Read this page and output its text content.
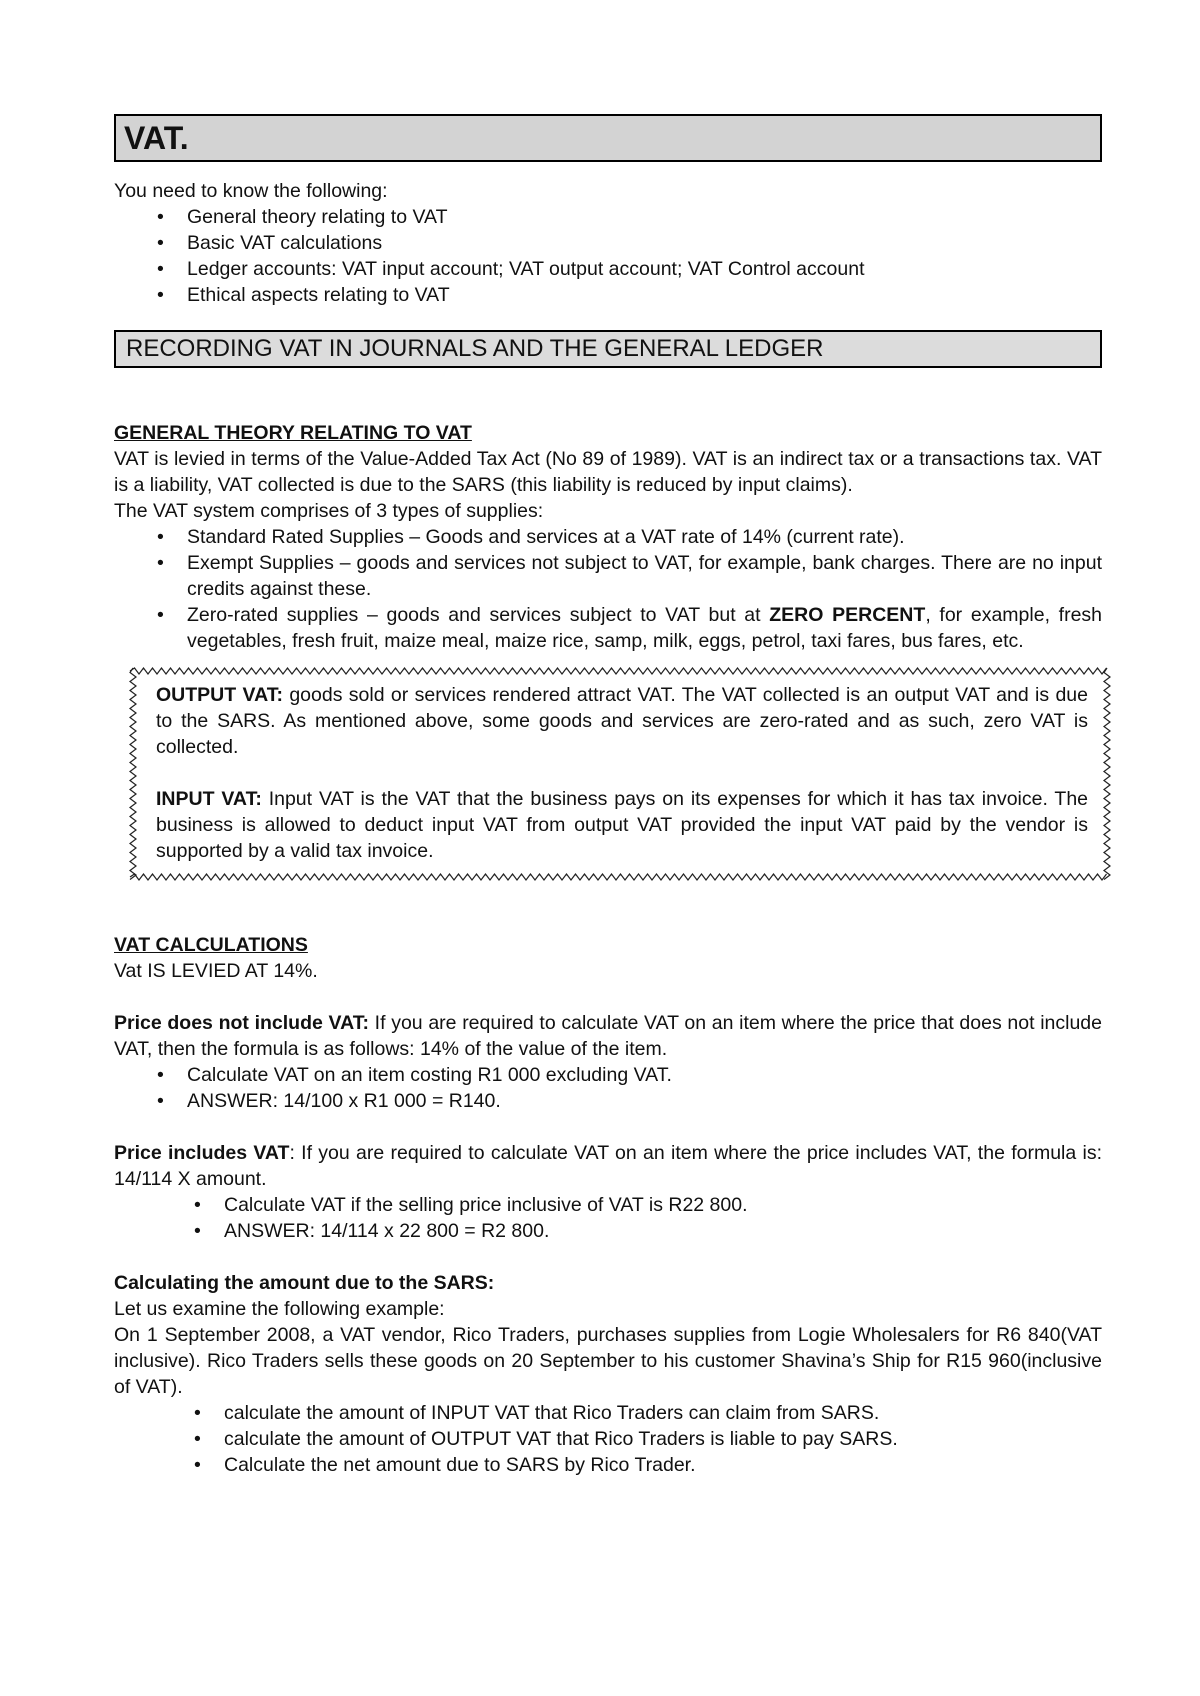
VAT.
You need to know the following:
• General theory relating to VAT
• Basic VAT calculations
• Ledger accounts: VAT input account; VAT output account; VAT Control account
• Ethical aspects relating to VAT
RECORDING VAT IN JOURNALS AND THE GENERAL LEDGER
GENERAL THEORY RELATING TO VAT
VAT is levied in terms of the Value-Added Tax Act (No 89 of 1989). VAT is an indirect tax or a transactions tax. VAT is a liability, VAT collected is due to the SARS (this liability is reduced by input claims).
The VAT system comprises of 3 types of supplies:
• Standard Rated Supplies – Goods and services at a VAT rate of 14% (current rate).
• Exempt Supplies – goods and services not subject to VAT, for example, bank charges. There are no input credits against these.
• Zero-rated supplies – goods and services subject to VAT but at ZERO PERCENT, for example, fresh vegetables, fresh fruit, maize meal, maize rice, samp, milk, eggs, petrol, taxi fares, bus fares, etc.
OUTPUT VAT: goods sold or services rendered attract VAT. The VAT collected is an output VAT and is due to the SARS. As mentioned above, some goods and services are zero-rated and as such, zero VAT is collected.
INPUT VAT: Input VAT is the VAT that the business pays on its expenses for which it has tax invoice. The business is allowed to deduct input VAT from output VAT provided the input VAT paid by the vendor is supported by a valid tax invoice.
VAT CALCULATIONS
Vat IS LEVIED AT 14%.
Price does not include VAT: If you are required to calculate VAT on an item where the price that does not include VAT, then the formula is as follows: 14% of the value of the item.
• Calculate VAT on an item costing R1 000 excluding VAT.
• ANSWER: 14/100 x R1 000 = R140.
Price includes VAT: If you are required to calculate VAT on an item where the price includes VAT, the formula is: 14/114 X amount.
• Calculate VAT if the selling price inclusive of VAT is R22 800.
• ANSWER: 14/114 x 22 800 = R2 800.
Calculating the amount due to the SARS:
Let us examine the following example:
On 1 September 2008, a VAT vendor, Rico Traders, purchases supplies from Logie Wholesalers for R6 840(VAT inclusive). Rico Traders sells these goods on 20 September to his customer Shavina’s Ship for R15 960(inclusive of VAT).
• calculate the amount of INPUT VAT that Rico Traders can claim from SARS.
• calculate the amount of OUTPUT VAT that Rico Traders is liable to pay SARS.
• Calculate the net amount due to SARS by Rico Trader.
